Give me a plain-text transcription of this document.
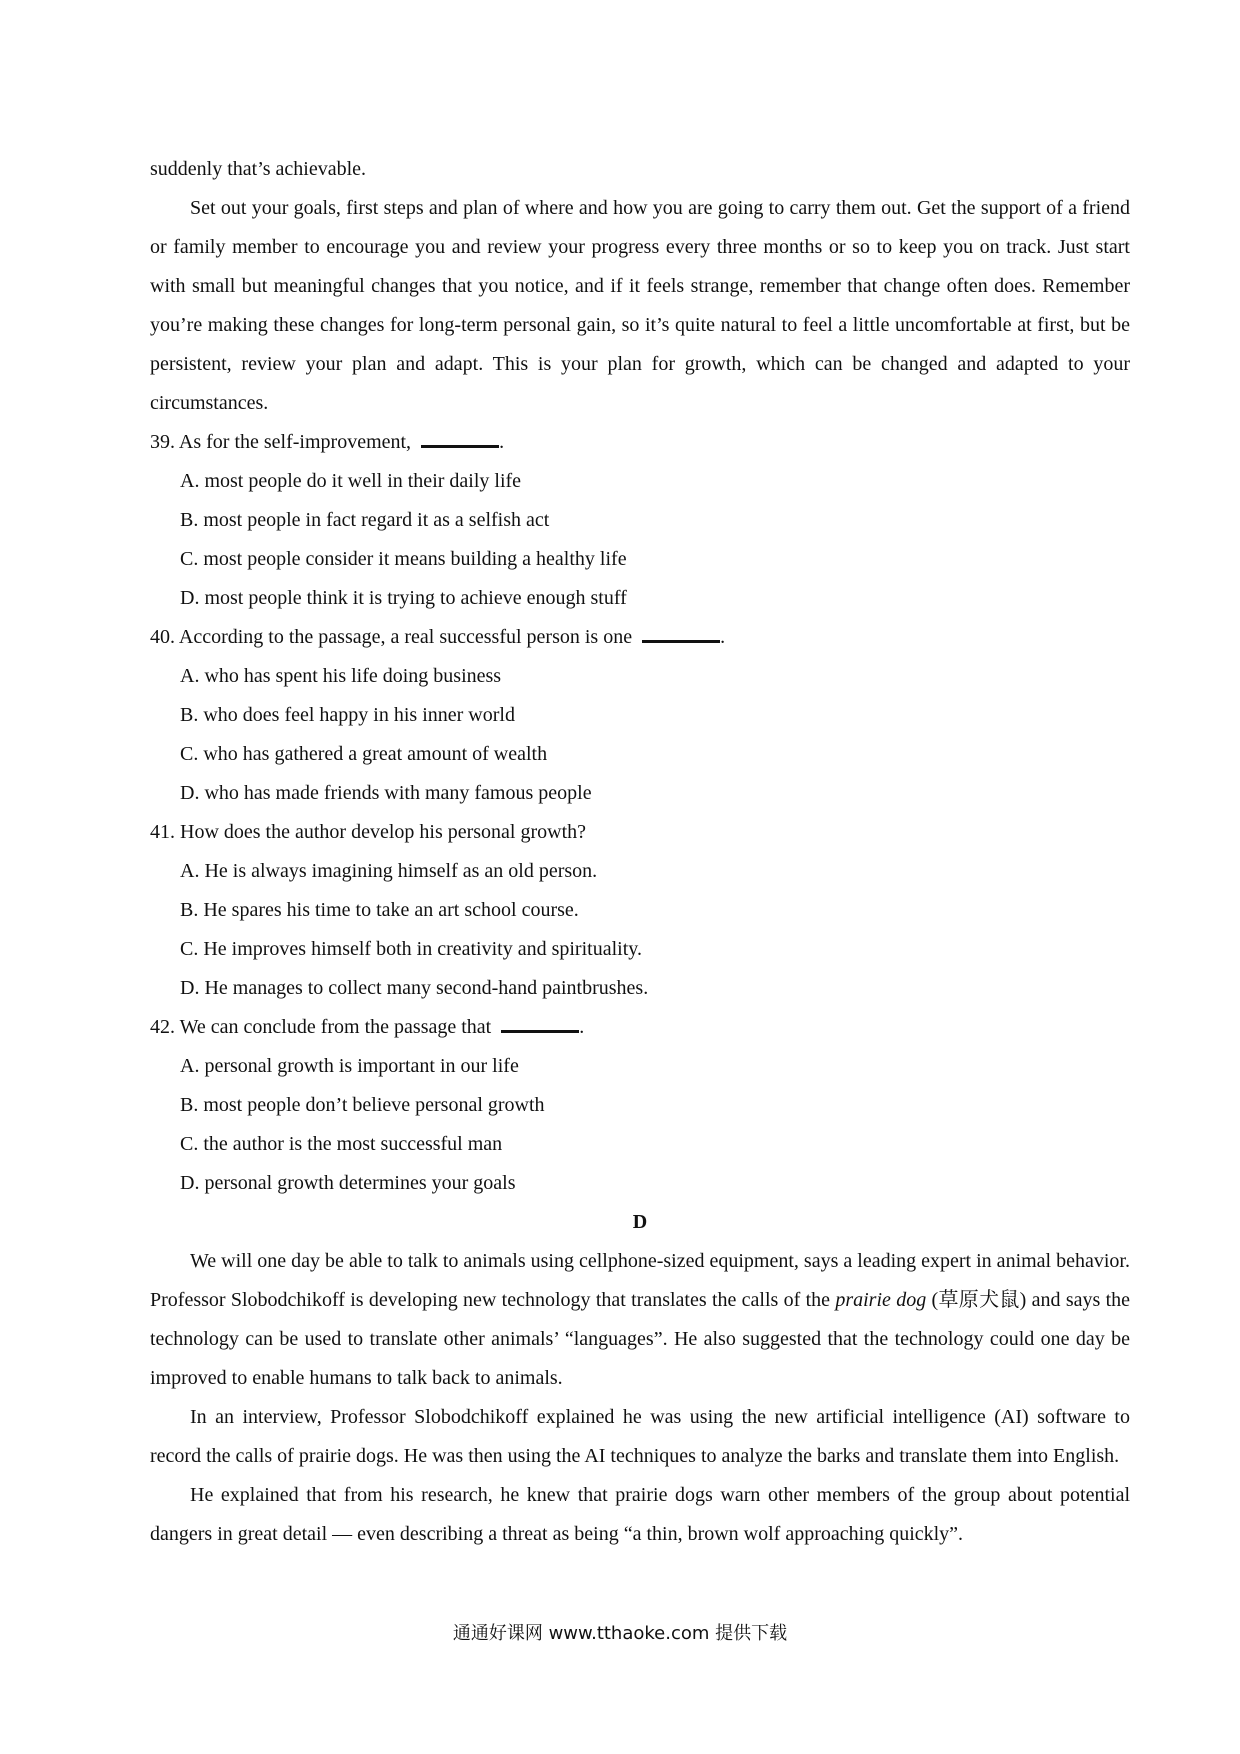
suddenly that’s achievable.

Set out your goals, first steps and plan of where and how you are going to carry them out. Get the support of a friend or family member to encourage you and review your progress every three months or so to keep you on track. Just start with small but meaningful changes that you notice, and if it feels strange, remember that change often does. Remember you’re making these changes for long-term personal gain, so it’s quite natural to feel a little uncomfortable at first, but be persistent, review your plan and adapt. This is your plan for growth, which can be changed and adapted to your circumstances.

39. As for the self-improvement,	.
A. most people do it well in their daily life
B. most people in fact regard it as a selfish act
C. most people consider it means building a healthy life
D. most people think it is trying to achieve enough stuff
40. According to the passage, a real successful person is one	.
A. who has spent his life doing business
B. who does feel happy in his inner world
C. who has gathered a great amount of wealth
D. who has made friends with many famous people
41. How does the author develop his personal growth?
A. He is always imagining himself as an old person.
B. He spares his time to take an art school course.
C. He improves himself both in creativity and spirituality.
D. He manages to collect many second-hand paintbrushes.
42. We can conclude from the passage that	.
A. personal growth is important in our life
B. most people don’t believe personal growth
C. the author is the most successful man
D. personal growth determines your goals
D

We will one day be able to talk to animals using cellphone-sized equipment, says a leading expert in animal behavior. Professor Slobodchikoff is developing new technology that translates the calls of the prairie dog (草原犬鼠) and says the technology can be used to translate other animals’ “languages”. He also suggested that the technology could one day be improved to enable humans to talk back to animals.

In an interview, Professor Slobodchikoff explained he was using the new artificial intelligence (AI) software to record the calls of prairie dogs. He was then using the AI techniques to analyze the barks and translate them into English.

He explained that from his research, he knew that prairie dogs warn other members of the group about potential dangers in great detail — even describing a threat as being “a thin, brown wolf approaching quickly”.

通通好课网 www.tthaoke.com 提供下载
